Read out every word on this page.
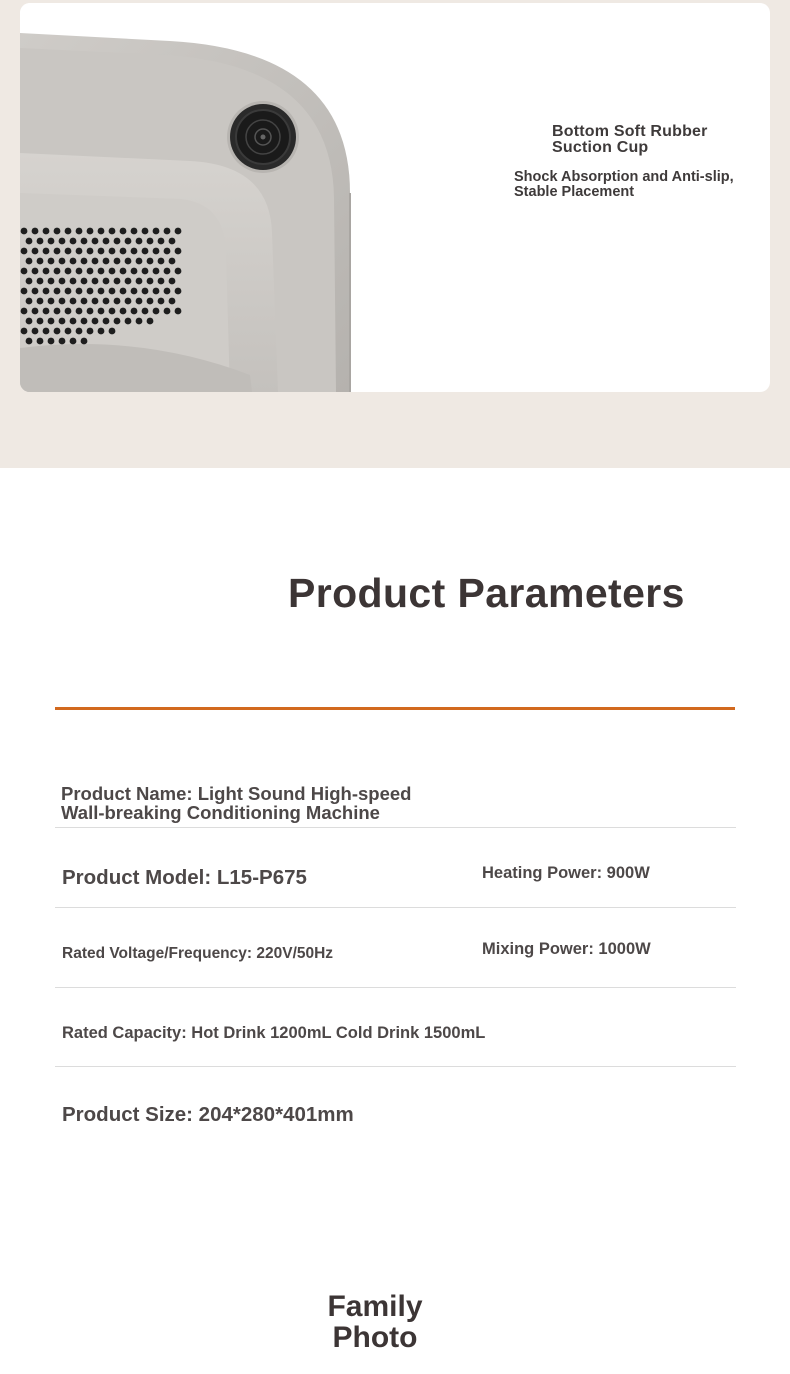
Bottom Soft Rubber
Suction Cup
Shock Absorption and Anti-slip,
Stable Placement
Product Parameters
Product Name: Light Sound High-speed
Wall-breaking Conditioning Machine
Product Model: L15-P675	Heating Power: 900W
Rated Voltage/Frequency: 220V/50Hz	Mixing Power: 1000W
Rated Capacity: Hot Drink 1200mL Cold Drink 1500mL
Product Size: 204*280*401mm
Family
Photo
